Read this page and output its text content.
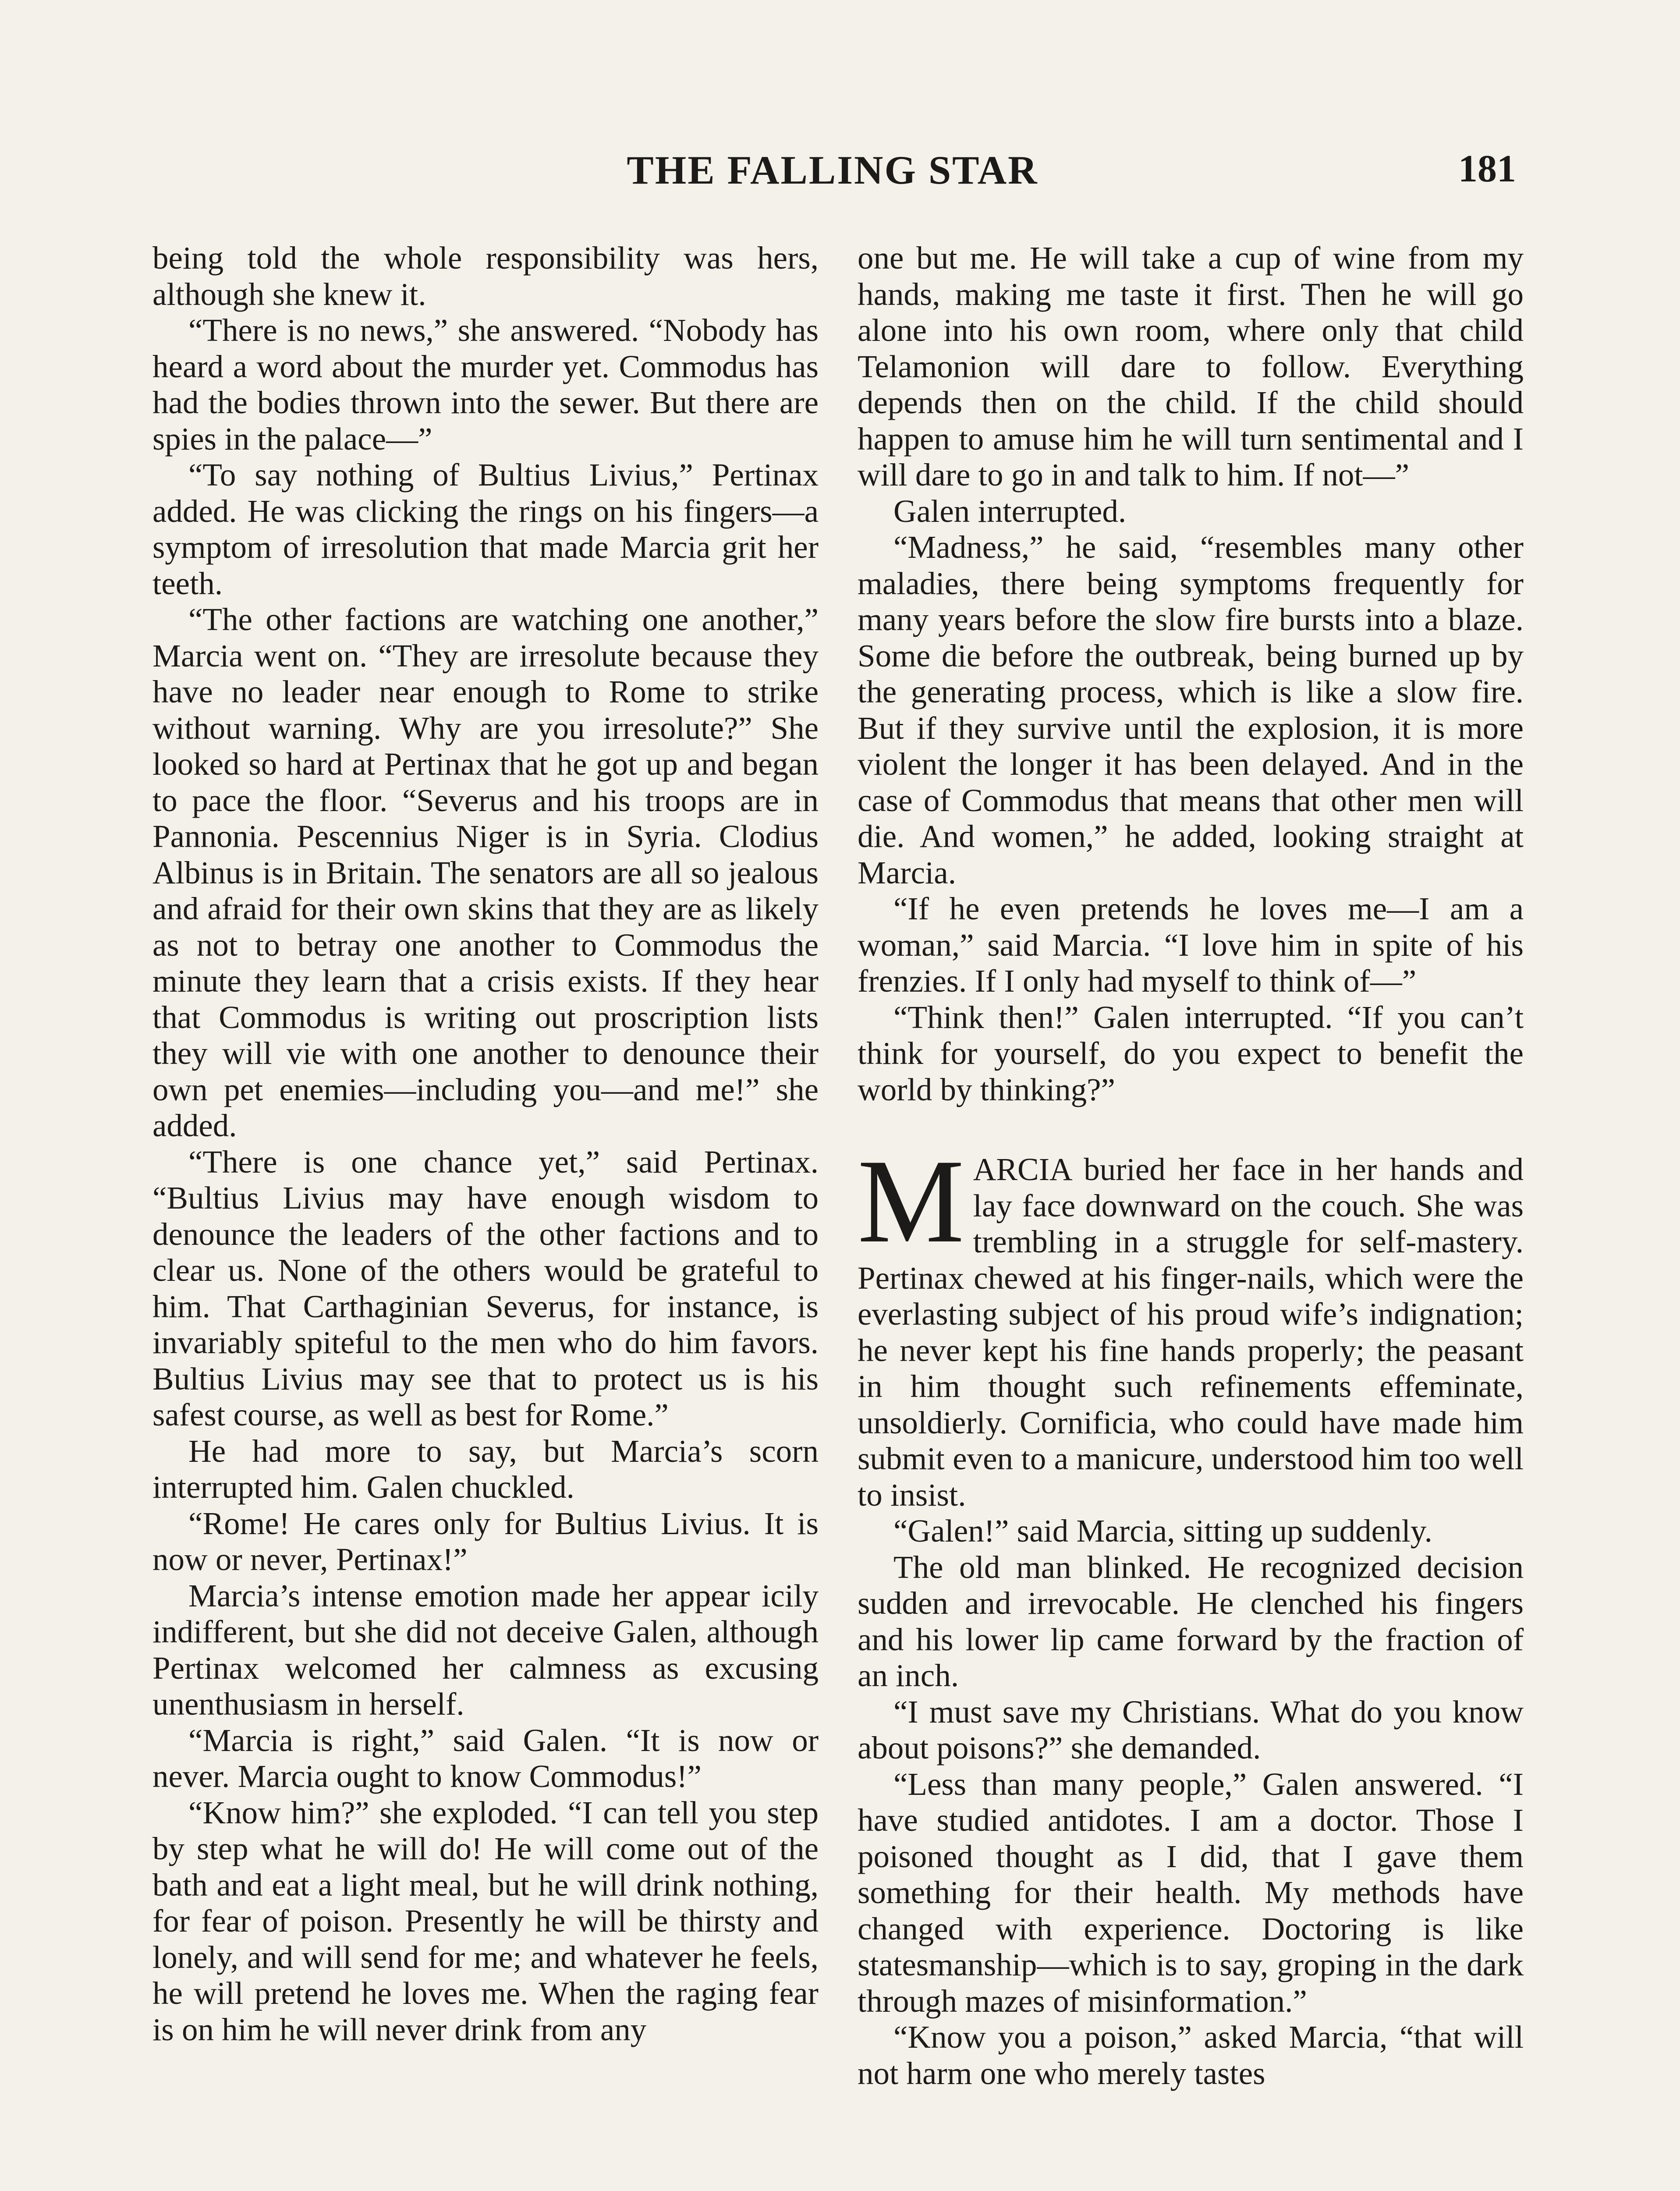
THE FALLING STAR	181

being told the whole responsibility was hers, although she knew it.

“There is no news,” she answered. “Nobody has heard a word about the murder yet. Commodus has had the bodies thrown into the sewer. But there are spies in the palace—”

“To say nothing of Bultius Livius,” Pertinax added. He was clicking the rings on his fingers—a symptom of irresolution that made Marcia grit her teeth.

“The other factions are watching one another,” Marcia went on. “They are irresolute because they have no leader near enough to Rome to strike without warning. Why are you irresolute?” She looked so hard at Pertinax that he got up and began to pace the floor. “Severus and his troops are in Pannonia. Pescennius Niger is in Syria. Clodius Albinus is in Britain. The senators are all so jealous and afraid for their own skins that they are as likely as not to betray one another to Commodus the minute they learn that a crisis exists. If they hear that Commodus is writing out proscription lists they will vie with one another to denounce their own pet enemies—including you—and me!” she added.

“There is one chance yet,” said Pertinax. “Bultius Livius may have enough wisdom to denounce the leaders of the other factions and to clear us. None of the others would be grateful to him. That Carthaginian Severus, for instance, is invariably spiteful to the men who do him favors. Bultius Livius may see that to protect us is his safest course, as well as best for Rome.”

He had more to say, but Marcia’s scorn interrupted him. Galen chuckled.

“Rome! He cares only for Bultius Livius. It is now or never, Pertinax!”

Marcia’s intense emotion made her appear icily indifferent, but she did not deceive Galen, although Pertinax welcomed her calmness as excusing unenthusiasm in herself.

“Marcia is right,” said Galen. “It is now or never. Marcia ought to know Commodus!”

“Know him?” she exploded. “I can tell you step by step what he will do! He will come out of the bath and eat a light meal, but he will drink nothing, for fear of poison. Presently he will be thirsty and lonely, and will send for me; and whatever he feels, he will pretend he loves me. When the raging fear is on him he will never drink from any

one but me. He will take a cup of wine from my hands, making me taste it first. Then he will go alone into his own room, where only that child Telamonion will dare to follow. Everything depends then on the child. If the child should happen to amuse him he will turn sentimental and I will dare to go in and talk to him. If not—”

Galen interrupted.

“Madness,” he said, “resembles many other maladies, there being symptoms frequently for many years before the slow fire bursts into a blaze. Some die before the outbreak, being burned up by the generating process, which is like a slow fire. But if they survive until the explosion, it is more violent the longer it has been delayed. And in the case of Commodus that means that other men will die. And women,” he added, looking straight at Marcia.

“If he even pretends he loves me—I am a woman,” said Marcia. “I love him in spite of his frenzies. If I only had myself to think of—”

“Think then!” Galen interrupted. “If you can’t think for yourself, do you expect to benefit the world by thinking?”

MARCIA buried her face in her hands and lay face downward on the couch. She was trembling in a struggle for self-mastery. Pertinax chewed at his finger-nails, which were the everlasting subject of his proud wife’s indignation; he never kept his fine hands properly; the peasant in him thought such refinements effeminate, unsoldierly. Cornificia, who could have made him submit even to a manicure, understood him too well to insist.

“Galen!” said Marcia, sitting up suddenly.

The old man blinked. He recognized decision sudden and irrevocable. He clenched his fingers and his lower lip came forward by the fraction of an inch.

“I must save my Christians. What do you know about poisons?” she demanded.

“Less than many people,” Galen answered. “I have studied antidotes. I am a doctor. Those I poisoned thought as I did, that I gave them something for their health. My methods have changed with experience. Doctoring is like statesmanship—which is to say, groping in the dark through mazes of misinformation.”

“Know you a poison,” asked Marcia, “that will not harm one who merely tastes
